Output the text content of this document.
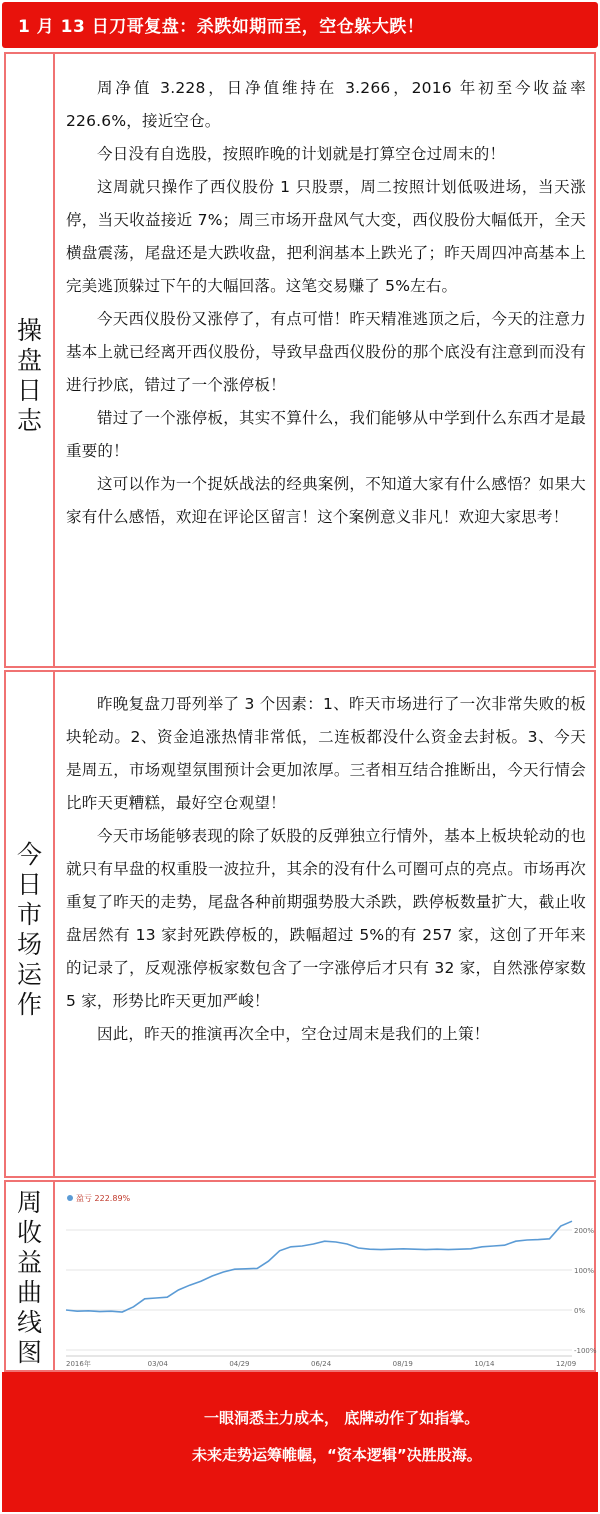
1 月 13 日刀哥复盘：杀跌如期而至，空仓躲大跌！
操
盘
日
志

周净值 3.228，日净值维持在 3.266，2016 年初至今收益率 226.6%，接近空仓。

今日没有自选股，按照昨晚的计划就是打算空仓过周末的！

这周就只操作了西仪股份 1 只股票，周二按照计划低吸进场，当天涨停，当天收益接近 7%；周三市场开盘风气大变，西仪股份大幅低开，全天横盘震荡，尾盘还是大跌收盘，把利润基本上跌光了；昨天周四冲高基本上完美逃顶躲过下午的大幅回落。这笔交易赚了 5%左右。

今天西仪股份又涨停了，有点可惜！昨天精准逃顶之后，今天的注意力基本上就已经离开西仪股份，导致早盘西仪股份的那个底没有注意到而没有进行抄底，错过了一个涨停板！

错过了一个涨停板，其实不算什么，我们能够从中学到什么东西才是最重要的！

这可以作为一个捉妖战法的经典案例，不知道大家有什么感悟？如果大家有什么感悟，欢迎在评论区留言！这个案例意义非凡！欢迎大家思考！

今
日
市
场
运
作

昨晚复盘刀哥列举了 3 个因素：1、昨天市场进行了一次非常失败的板块轮动。2、资金追涨热情非常低，二连板都没什么资金去封板。3、今天是周五，市场观望氛围预计会更加浓厚。三者相互结合推断出，今天行情会比昨天更糟糕，最好空仓观望！

今天市场能够表现的除了妖股的反弹独立行情外，基本上板块轮动的也就只有早盘的权重股一波拉升，其余的没有什么可圈可点的亮点。市场再次重复了昨天的走势，尾盘各种前期强势股大杀跌，跌停板数量扩大，截止收盘居然有 13 家封死跌停板的，跌幅超过 5%的有 257 家，这创了开年来的记录了，反观涨停板家数包含了一字涨停后才只有 32 家，自然涨停家数 5 家，形势比昨天更加严峻！

因此，昨天的推演再次全中，空仓过周末是我们的上策！

周
收
益
曲
线
图
200%
100%
0%
-100%
2016年	03/04	04/29	06/24	08/19	10/14	12/09
盈亏 222.89%
一眼洞悉主力成本， 底牌动作了如指掌。
未来走势运筹帷幄，“资本逻辑”决胜股海。
